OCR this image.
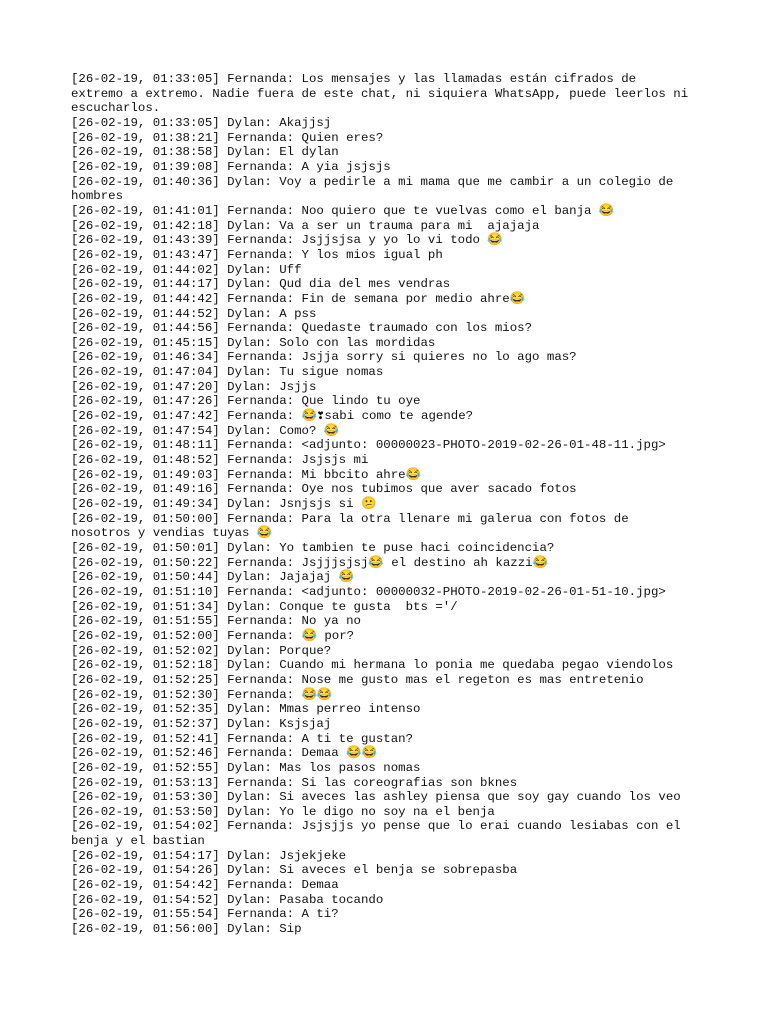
[26-02-19, 01:33:05] Fernanda: Los mensajes y las llamadas están cifrados de
extremo a extremo. Nadie fuera de este chat, ni siquiera WhatsApp, puede leerlos ni
escucharlos.
[26-02-19, 01:33:05] Dylan: Akajjsj
[26-02-19, 01:38:21] Fernanda: Quien eres?
[26-02-19, 01:38:58] Dylan: El dylan
[26-02-19, 01:39:08] Fernanda: A yia jsjsjs
[26-02-19, 01:40:36] Dylan: Voy a pedirle a mi mama que me cambir a un colegio de
hombres
[26-02-19, 01:41:01] Fernanda: Noo quiero que te vuelvas como el banja 😂
[26-02-19, 01:42:18] Dylan: Va a ser un trauma para mi  ajajaja
[26-02-19, 01:43:39] Fernanda: Jsjjsjsa y yo lo vi todo 😂
[26-02-19, 01:43:47] Fernanda: Y los mios igual ph
[26-02-19, 01:44:02] Dylan: Uff
[26-02-19, 01:44:17] Dylan: Qud dia del mes vendras
[26-02-19, 01:44:42] Fernanda: Fin de semana por medio ahre😂
[26-02-19, 01:44:52] Dylan: A pss
[26-02-19, 01:44:56] Fernanda: Quedaste traumado con los mios?
[26-02-19, 01:45:15] Dylan: Solo con las mordidas
[26-02-19, 01:46:34] Fernanda: Jsjja sorry si quieres no lo ago mas?
[26-02-19, 01:47:04] Dylan: Tu sigue nomas
[26-02-19, 01:47:20] Dylan: Jsjjs
[26-02-19, 01:47:26] Fernanda: Que lindo tu oye
[26-02-19, 01:47:42] Fernanda: 😂❣sabi como te agende?
[26-02-19, 01:47:54] Dylan: Como? 😂
[26-02-19, 01:48:11] Fernanda: <adjunto: 00000023-PHOTO-2019-02-26-01-48-11.jpg>
[26-02-19, 01:48:52] Fernanda: Jsjsjs mi
[26-02-19, 01:49:03] Fernanda: Mi bbcito ahre😂
[26-02-19, 01:49:16] Fernanda: Oye nos tubimos que aver sacado fotos
[26-02-19, 01:49:34] Dylan: Jsnjsjs si 😕
[26-02-19, 01:50:00] Fernanda: Para la otra llenare mi galerua con fotos de
nosotros y vendias tuyas 😂
[26-02-19, 01:50:01] Dylan: Yo tambien te puse haci coincidencia?
[26-02-19, 01:50:22] Fernanda: Jsjjjsjsj😂 el destino ah kazzi😂
[26-02-19, 01:50:44] Dylan: Jajajaj 😂
[26-02-19, 01:51:10] Fernanda: <adjunto: 00000032-PHOTO-2019-02-26-01-51-10.jpg>
[26-02-19, 01:51:34] Dylan: Conque te gusta  bts ='/
[26-02-19, 01:51:55] Fernanda: No ya no
[26-02-19, 01:52:00] Fernanda: 😂 por?
[26-02-19, 01:52:02] Dylan: Porque?
[26-02-19, 01:52:18] Dylan: Cuando mi hermana lo ponia me quedaba pegao viendolos
[26-02-19, 01:52:25] Fernanda: Nose me gusto mas el regeton es mas entretenio
[26-02-19, 01:52:30] Fernanda: 😂😂
[26-02-19, 01:52:35] Dylan: Mmas perreo intenso
[26-02-19, 01:52:37] Dylan: Ksjsjaj
[26-02-19, 01:52:41] Fernanda: A ti te gustan?
[26-02-19, 01:52:46] Fernanda: Demaa 😂😂
[26-02-19, 01:52:55] Dylan: Mas los pasos nomas
[26-02-19, 01:53:13] Fernanda: Si las coreografias son bknes
[26-02-19, 01:53:30] Dylan: Si aveces las ashley piensa que soy gay cuando los veo
[26-02-19, 01:53:50] Dylan: Yo le digo no soy na el benja
[26-02-19, 01:54:02] Fernanda: Jsjsjjs yo pense que lo erai cuando lesiabas con el
benja y el bastian
[26-02-19, 01:54:17] Dylan: Jsjekjeke
[26-02-19, 01:54:26] Dylan: Si aveces el benja se sobrepasba
[26-02-19, 01:54:42] Fernanda: Demaa
[26-02-19, 01:54:52] Dylan: Pasaba tocando
[26-02-19, 01:55:54] Fernanda: A ti?
[26-02-19, 01:56:00] Dylan: Sip
